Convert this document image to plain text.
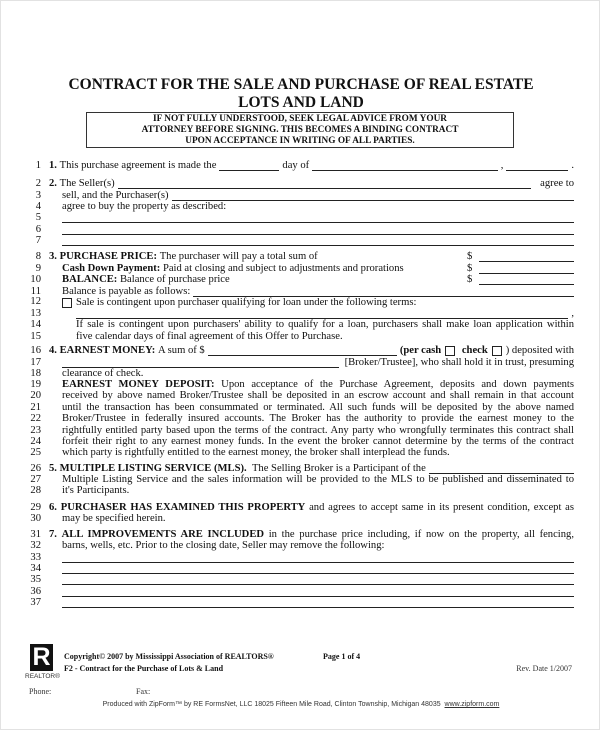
CONTRACT FOR THE SALE AND PURCHASE OF REAL ESTATE
LOTS AND LAND
IF NOT FULLY UNDERSTOOD, SEEK LEGAL ADVICE FROM YOUR
ATTORNEY BEFORE SIGNING. THIS BECOMES A BINDING CONTRACT
UPON ACCEPTANCE IN WRITING OF ALL PARTIES.
1
2
3
4
5
6
7
8
9
10
11
12
13
14
15
16
17
18
19
20
21
22
23
24
25
26
27
28
29
30
31
32
33
34
35
36
37
1.
This purchase agreement is made the	day of	,	.
2.
The Seller(s)	agree to
sell, and the Purchaser(s)
agree to buy the property as described:
3.
PURCHASE PRICE:
The purchaser will pay a total sum of	$
Cash Down Payment:
Paid at closing and subject to adjustments and prorations	$
BALANCE:
Balance of purchase price	$
Balance is payable as follows:
Sale is contingent upon purchaser qualifying for loan under the following terms:
,
If sale is contingent upon purchasers' ability to qualify for a loan, purchasers shall make loan application within
five calendar days of final agreement of this Offer to Purchase.
4.
EARNEST MONEY:
A sum of $	(per cash
check ) deposited with
[Broker/Trustee], who shall hold it in trust, presuming
clearance of check.
EARNEST MONEY DEPOSIT: Upon acceptance of the Purchase Agreement, deposits and down payments
received by above named Broker/Trustee shall be deposited in an escrow account and shall remain in that account
until the transaction has been consummated or terminated. All such funds will be deposited by the above named
Broker/Trustee in federally insured accounts. The Broker has the authority to provide the earnest money to the
rightfully entitled party based upon the terms of the contract. Any party who wrongfully terminates this contract shall
forfeit their right to any earnest money funds. In the event the broker cannot determine by the terms of the contract
which party is rightfully entitled to the earnest money, the broker shall interplead the funds.
5.
MULTIPLE LISTING SERVICE (MLS).
The Selling Broker is a Participant of the
Multiple Listing Service and the sales information will be provided to the MLS to be published and disseminated to
it's Participants.
6. PURCHASER HAS EXAMINED THIS PROPERTY and agrees to accept same in its present condition, except as
may be specified herein.
7. ALL IMPROVEMENTS ARE INCLUDED in the purchase price including, if now on the property, all fencing,
barns, wells, etc. Prior to the closing date, Seller may remove the following:
R
REALTOR®
Copyright© 2007 by Mississippi Association of REALTORS®	Page 1 of 4
F2 - Contract for the Purchase of Lots & Land	Rev. Date 1/2007
Phone:	Fax:
Produced with ZipForm™ by RE FormsNet, LLC 18025 Fifteen Mile Road, Clinton Township, Michigan 48035 www.zipform.com
